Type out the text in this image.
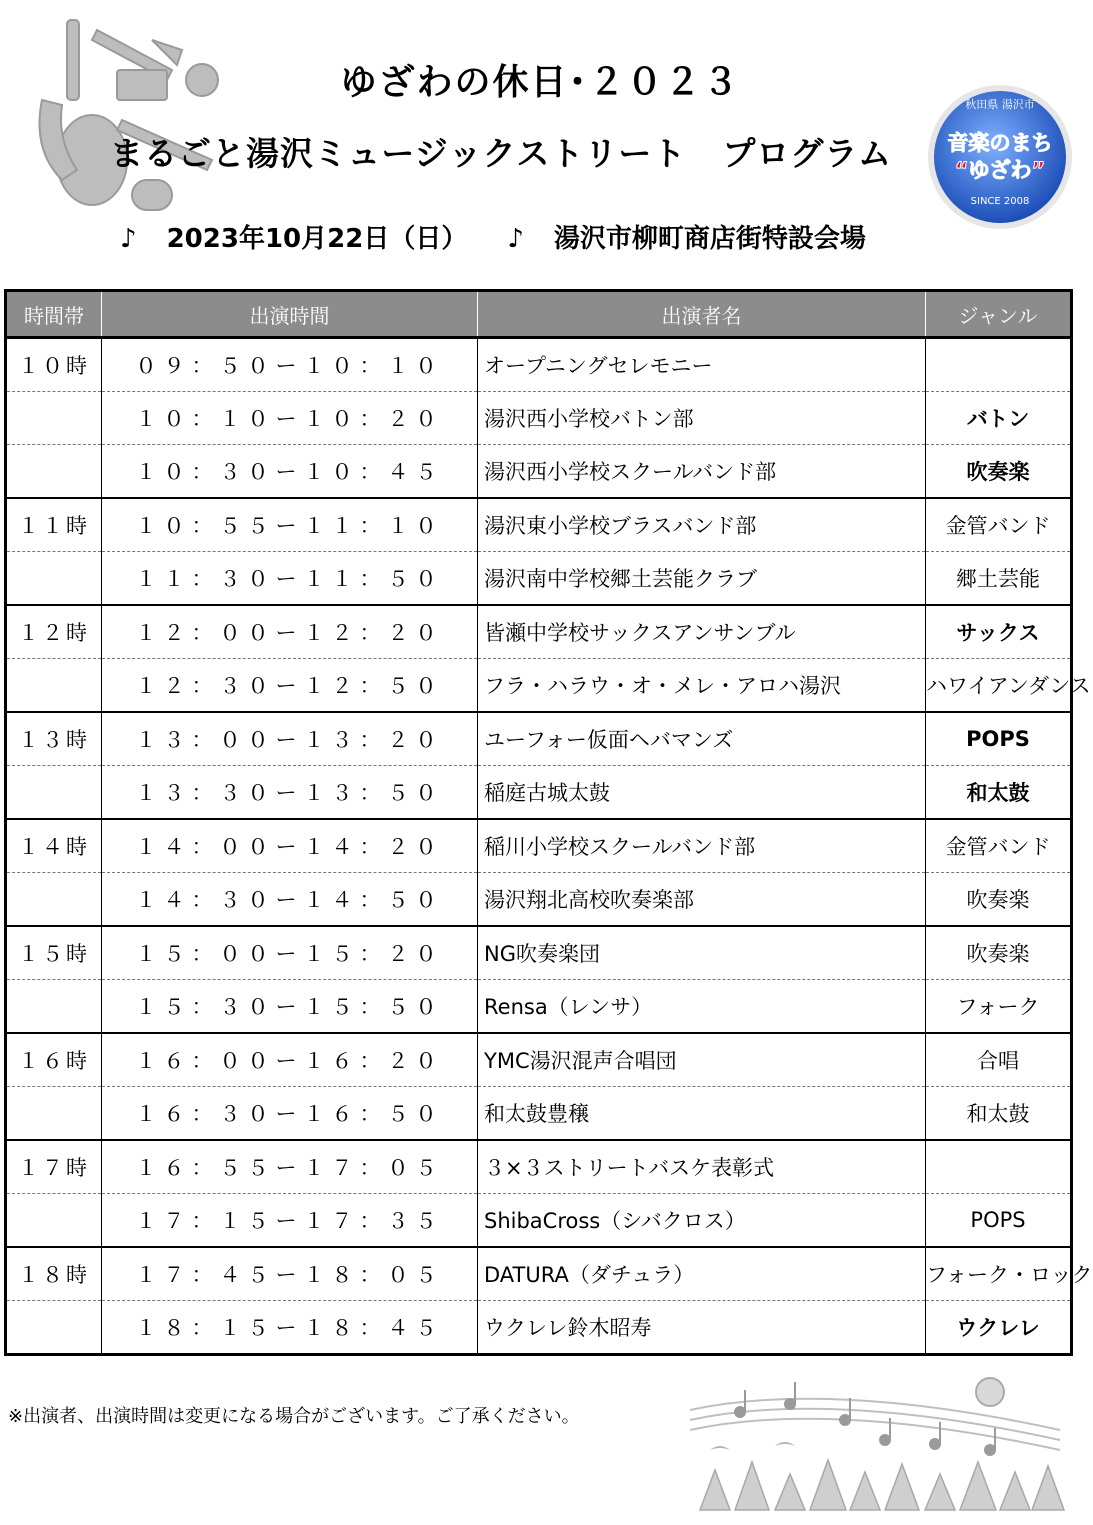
ゆざわの休日･２０２３
まるごと湯沢ミュージックストリート プログラム
♪ 2023年10月22日（日） ♪ 湯沢市柳町商店街特設会場
秋田県 湯沢市
音楽のまち
“ゆざわ”
SINCE 2008
時間帯	出演時間	出演者名	ジャンル
１０時	０９：５０ー１０：１０	オープニングセレモニー	
	１０：１０ー１０：２０	湯沢西小学校バトン部	バトン
	１０：３０ー１０：４５	湯沢西小学校スクールバンド部	吹奏楽
１１時	１０：５５ー１１：１０	湯沢東小学校ブラスバンド部	金管バンド
	１１：３０ー１１：５０	湯沢南中学校郷土芸能クラブ	郷土芸能
１２時	１２：００ー１２：２０	皆瀬中学校サックスアンサンブル	サックス
	１２：３０ー１２：５０	フラ・ハラウ・オ・メレ・アロハ湯沢	ハワイアンダンス
１３時	１３：００ー１３：２０	ユーフォー仮面ヘバマンズ	POPS
	１３：３０ー１３：５０	稲庭古城太鼓	和太鼓
１４時	１４：００ー１４：２０	稲川小学校スクールバンド部	金管バンド
	１４：３０ー１４：５０	湯沢翔北高校吹奏楽部	吹奏楽
１５時	１５：００ー１５：２０	NG吹奏楽団	吹奏楽
	１５：３０ー１５：５０	Rensa（レンサ）	フォーク
１６時	１６：００ー１６：２０	YMC湯沢混声合唱団	合唱
	１６：３０ー１６：５０	和太鼓豊穣	和太鼓
１７時	１６：５５ー１７：０５	３×３ストリートバスケ表彰式	
	１７：１５ー１７：３５	ShibaCross（シバクロス）	POPS
１８時	１７：４５ー１８：０５	DATURA（ダチュラ）	フォーク・ロック
	１８：１５ー１８：４５	ウクレレ鈴木昭寿	ウクレレ
※出演者、出演時間は変更になる場合がございます。ご了承ください。
